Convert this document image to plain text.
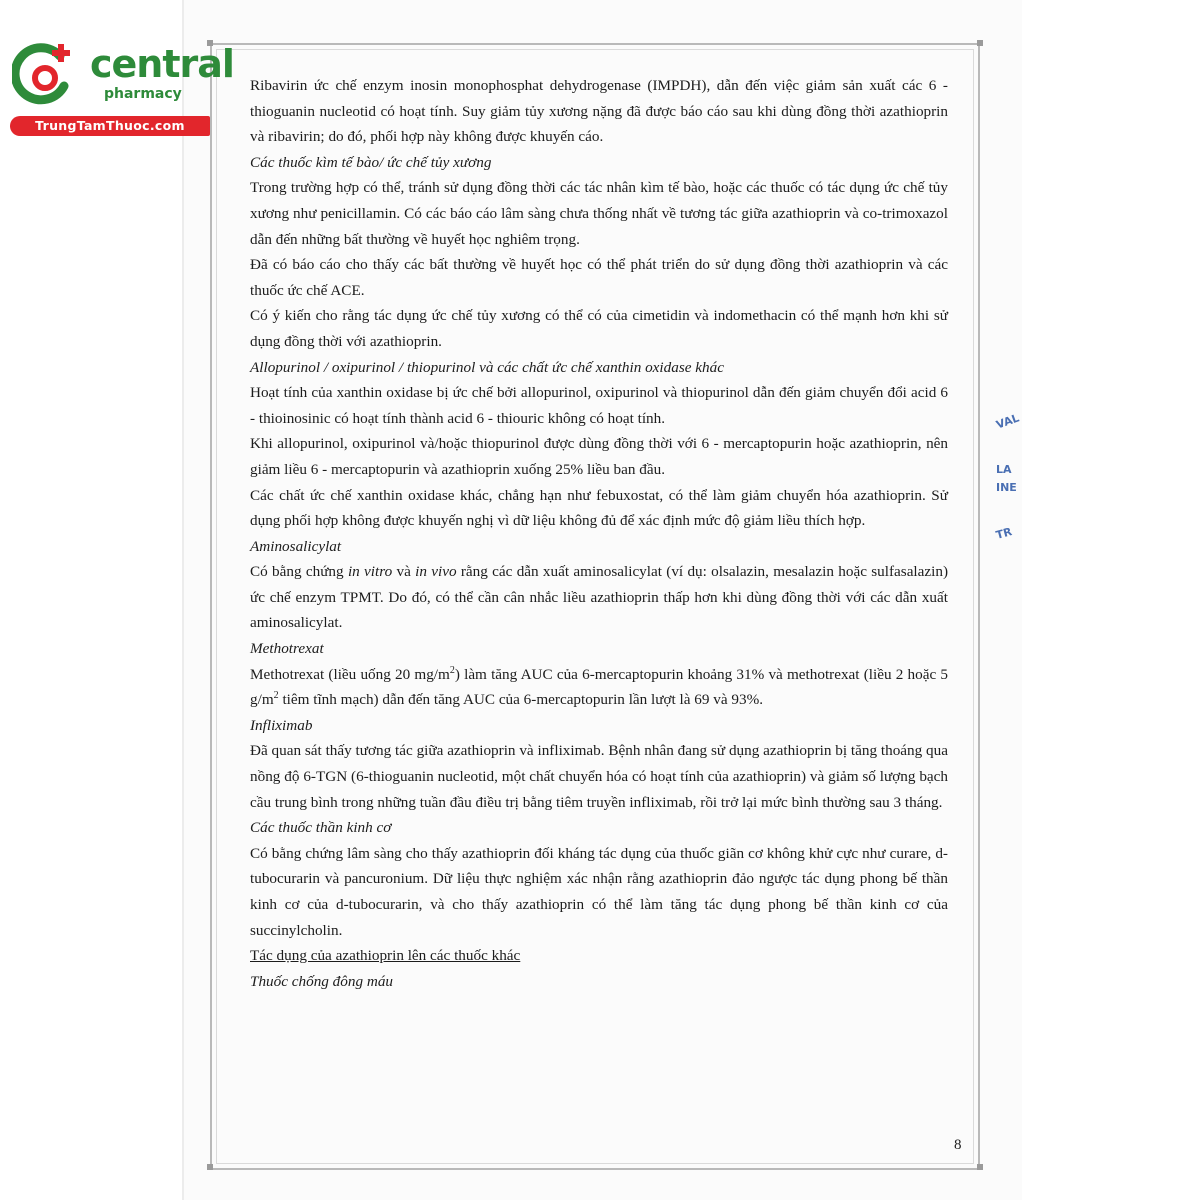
central
pharmacy
TrungTamThuoc.com
VAL
LA
INE
TR

Ribavirin ức chế enzym inosin monophosphat dehydrogenase (IMPDH), dẫn đến việc giảm sản xuất các 6 - thioguanin nucleotid có hoạt tính. Suy giảm tủy xương nặng đã được báo cáo sau khi dùng đồng thời azathioprin và ribavirin; do đó, phối hợp này không được khuyến cáo.

Các thuốc kìm tế bào/ ức chế tủy xương

Trong trường hợp có thể, tránh sử dụng đồng thời các tác nhân kìm tế bào, hoặc các thuốc có tác dụng ức chế tủy xương như penicillamin. Có các báo cáo lâm sàng chưa thống nhất về tương tác giữa azathioprin và co-trimoxazol dẫn đến những bất thường về huyết học nghiêm trọng.

Đã có báo cáo cho thấy các bất thường về huyết học có thể phát triển do sử dụng đồng thời azathioprin và các thuốc ức chế ACE.

Có ý kiến cho rằng tác dụng ức chế tủy xương có thể có của cimetidin và indomethacin có thể mạnh hơn khi sử dụng đồng thời với azathioprin.

Allopurinol / oxipurinol / thiopurinol và các chất ức chế xanthin oxidase khác

Hoạt tính của xanthin oxidase bị ức chế bởi allopurinol, oxipurinol và thiopurinol dẫn đến giảm chuyển đổi acid 6 - thioinosinic có hoạt tính thành acid 6 - thiouric không có hoạt tính.

Khi allopurinol, oxipurinol và/hoặc thiopurinol được dùng đồng thời với 6 - mercaptopurin hoặc azathioprin, nên giảm liều 6 - mercaptopurin và azathioprin xuống 25% liều ban đầu.

Các chất ức chế xanthin oxidase khác, chẳng hạn như febuxostat, có thể làm giảm chuyển hóa azathioprin. Sử dụng phối hợp không được khuyến nghị vì dữ liệu không đủ để xác định mức độ giảm liều thích hợp.

Aminosalicylat

Có bằng chứng in vitro và in vivo rằng các dẫn xuất aminosalicylat (ví dụ: olsalazin, mesalazin hoặc sulfasalazin) ức chế enzym TPMT. Do đó, có thể cần cân nhắc liều azathioprin thấp hơn khi dùng đồng thời với các dẫn xuất aminosalicylat.

Methotrexat

Methotrexat (liều uống 20 $mg/m^2$) làm tăng AUC của 6-mercaptopurin khoảng 31% và methotrexat (liều 2 hoặc 5 $g/m^2$ tiêm tĩnh mạch) dẫn đến tăng AUC của 6-mercaptopurin lần lượt là 69 và 93%.

Infliximab

Đã quan sát thấy tương tác giữa azathioprin và infliximab. Bệnh nhân đang sử dụng azathioprin bị tăng thoáng qua nồng độ 6-TGN (6-thioguanin nucleotid, một chất chuyển hóa có hoạt tính của azathioprin) và giảm số lượng bạch cầu trung bình trong những tuần đầu điều trị bằng tiêm truyền infliximab, rồi trở lại mức bình thường sau 3 tháng.

Các thuốc thần kinh cơ

Có bằng chứng lâm sàng cho thấy azathioprin đối kháng tác dụng của thuốc giãn cơ không khử cực như curare, d-tubocurarin và pancuronium. Dữ liệu thực nghiệm xác nhận rằng azathioprin đảo ngược tác dụng phong bế thần kinh cơ của d-tubocurarin, và cho thấy azathioprin có thể làm tăng tác dụng phong bế thần kinh cơ của succinylcholin.

Tác dụng của azathioprin lên các thuốc khác

Thuốc chống đông máu

8
